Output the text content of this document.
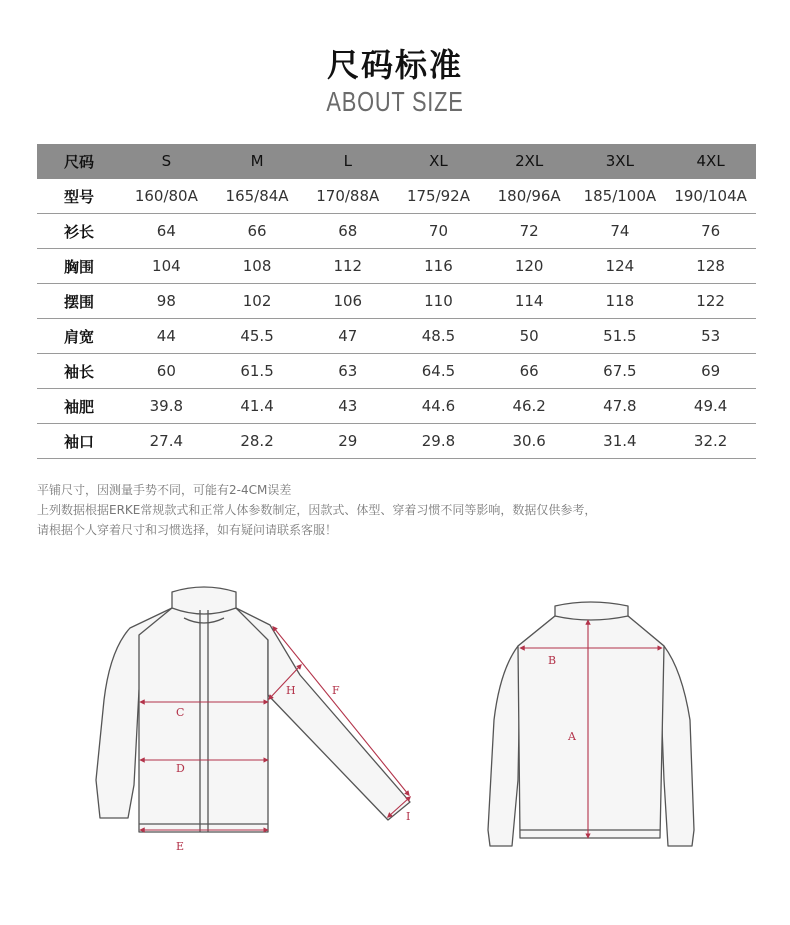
尺码标准
ABOUT SIZE
尺码	S	M	L	XL	2XL	3XL	4XL
型号	160/80A	165/84A	170/88A	175/92A	180/96A	185/100A	190/104A
衫长	64	66	68	70	72	74	76
胸围	104	108	112	116	120	124	128
摆围	98	102	106	110	114	118	122
肩宽	44	45.5	47	48.5	50	51.5	53
袖长	60	61.5	63	64.5	66	67.5	69
袖肥	39.8	41.4	43	44.6	46.2	47.8	49.4
袖口	27.4	28.2	29	29.8	30.6	31.4	32.2
平铺尺寸，因测量手势不同，可能有2-4CM误差
上列数据根据ERKE常规款式和正常人体参数制定，因款式、体型、穿着习惯不同等影响，数据仅供参考，
请根据个人穿着尺寸和习惯选择，如有疑问请联系客服！
C
D
E
F
H
I
B
A
